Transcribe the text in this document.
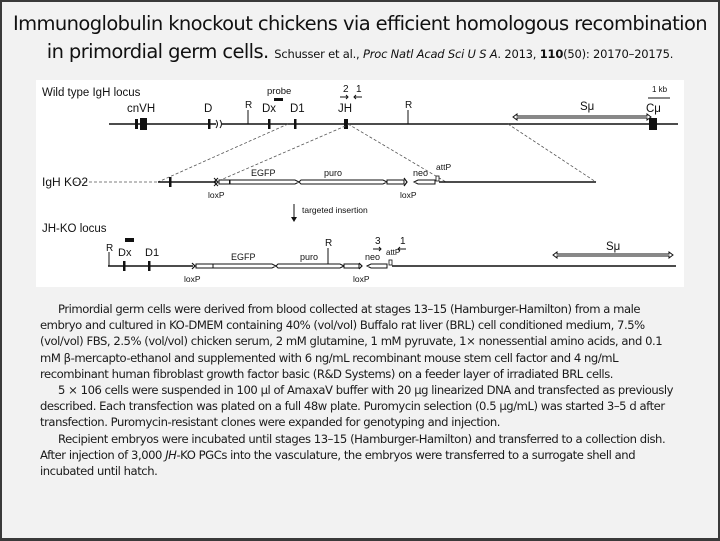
Immunoglobulin knockout chickens via efficient homologous recombination
in primordial germ cells. Schusser et al., Proc Natl Acad Sci U S A. 2013, 110(50): 20170–20175.
Wild type IgH locus
cnVH	D	R
probe
Dx D1	JH
2 1
R	Sμ	Cμ
1 kb
IgH KO2
loxP
EGFP	puro
loxP
neo
attP
targeted insertion
JH-KO locus
R Dx D1
loxP
EGFP	puro
R
loxP
neo attP
3 1	Sμ

Primordial germ cells were derived from blood collected at stages 13–15 (Hamburger-Hamilton) from a male embryo and cultured in KO-DMEM containing 40% (vol/vol) Buffalo rat liver (BRL) cell conditioned medium, 7.5% (vol/vol) FBS, 2.5% (vol/vol) chicken serum, 2 mM glutamine, 1 mM pyruvate, 1× nonessential amino acids, and 0.1 mM β-mercapto-ethanol and supplemented with 6 ng/mL recombinant mouse stem cell factor and 4 ng/mL recombinant human fibroblast growth factor basic (R&D Systems) on a feeder layer of irradiated BRL cells.

5 × 106 cells were suspended in 100 µl of AmaxaV buffer with 20 µg linearized DNA and transfected as previously described. Each transfection was plated on a full 48w plate. Puromycin selection (0.5 µg/mL) was started 3–5 d after transfection. Puromycin-resistant clones were expanded for genotyping and injection.

Recipient embryos were incubated until stages 13–15 (Hamburger-Hamilton) and transferred to a collection dish. After injection of 3,000 JH-KO PGCs into the vasculature, the embryos were transferred to a surrogate shell and incubated until hatch.
